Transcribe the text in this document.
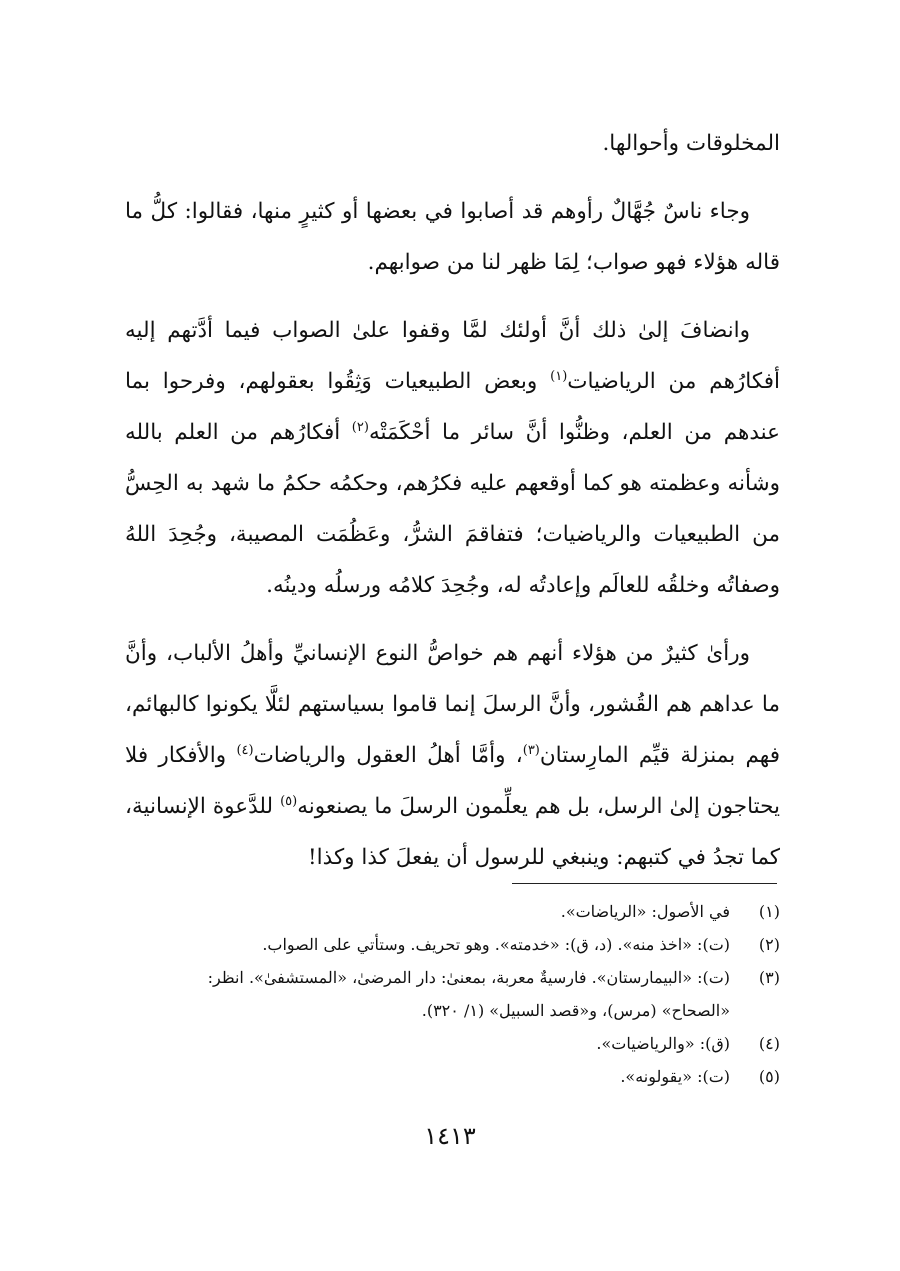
المخلوقات وأحوالها.

وجاء ناسٌ جُهَّالٌ رأوهم قد أصابوا في بعضها أو كثيرٍ منها، فقالوا: كلُّ ما قاله هؤلاء فهو صواب؛ لِمَا ظهر لنا من صوابهم.

وانضافَ إلىٰ ذلك أنَّ أولئك لمَّا وقفوا علىٰ الصواب فيما أدَّتهم إليه أفكارُهم من الرياضيات$^{(١)}$ وبعض الطبيعيات وَثِقُوا بعقولهم، وفرحوا بما عندهم من العلم، وظنُّوا أنَّ سائر ما أحْكَمَتْه$^{(٢)}$ أفكارُهم من العلم بالله وشأنه وعظمته هو كما أوقعهم عليه فكرُهم، وحكمُه حكمُ ما شهد به الحِسُّ من الطبيعيات والرياضيات؛ فتفاقمَ الشرُّ، وعَظُمَت المصيبة، وجُحِدَ اللهُ وصفاتُه وخلقُه للعالَم وإعادتُه له، وجُحِدَ كلامُه ورسلُه ودينُه.

ورأىٰ كثيرٌ من هؤلاء أنهم هم خواصُّ النوع الإنسانيِّ وأهلُ الألباب، وأنَّ ما عداهم هم القُشور، وأنَّ الرسلَ إنما قاموا بسياستهم لئلَّا يكونوا كالبهائم، فهم بمنزلة قيِّم المارِستان$^{(٣)}$، وأمَّا أهلُ العقول والرياضات$^{(٤)}$ والأفكار فلا يحتاجون إلىٰ الرسل، بل هم يعلِّمون الرسلَ ما يصنعونه$^{(٥)}$ للدَّعوة الإنسانية، كما تجدُ في كتبهم: وينبغي للرسول أن يفعلَ كذا وكذا!

(١)
في الأصول: «الرياضات».
(٢)
(ت): «اخذ منه». (د، ق): «خدمته». وهو تحريف. وستأتي على الصواب.
(٣)
(ت): «البيمارستان». فارسيةٌ معربة، بمعنىٰ: دار المرضىٰ، «المستشفىٰ». انظر:
«الصحاح» (مرس)، و«قصد السبيل» (١/ ٣٢٠).
(٤)
(ق): «والرياضيات».
(٥)
(ت): «يقولونه».
١٤١٣
